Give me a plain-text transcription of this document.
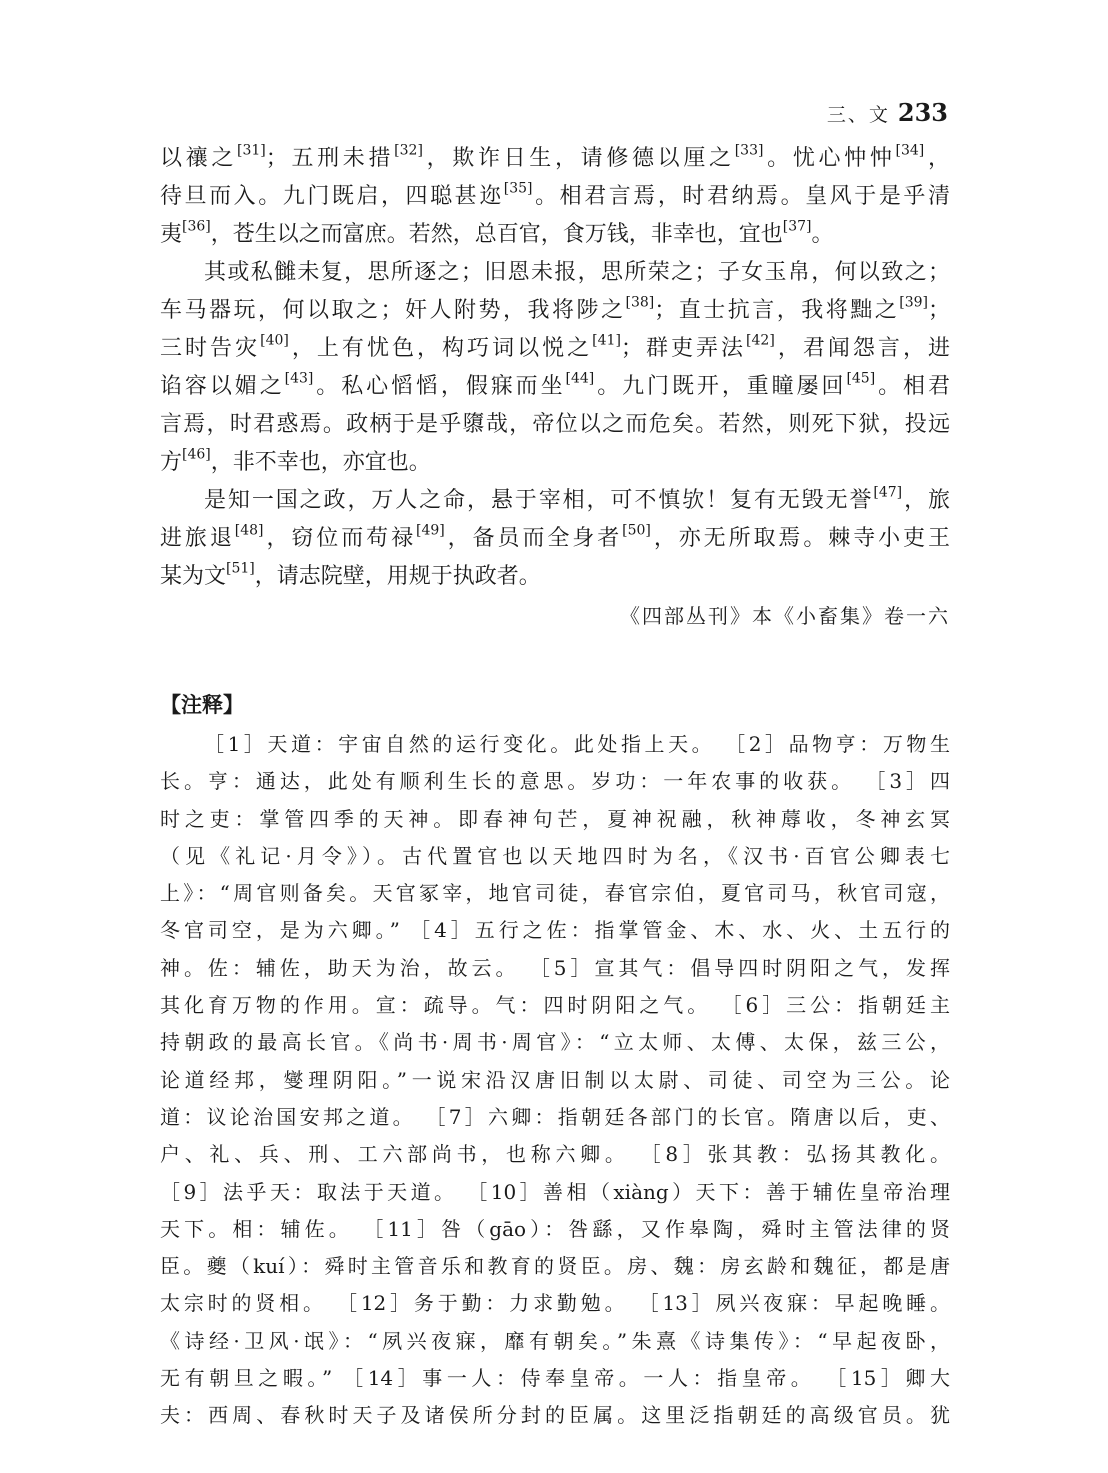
三、文 233
以禳之[31]；五刑未措[32]，欺诈日生，请修德以厘之[33]。忧心忡忡[34]，
待旦而入。九门既启，四聪甚迩[35]。相君言焉，时君纳焉。皇风于是乎清
夷[36]，苍生以之而富庶。若然，总百官，食万钱，非幸也，宜也[37]。
其或私雠未复，思所逐之；旧恩未报，思所荣之；子女玉帛，何以致之；
车马器玩，何以取之；奸人附势，我将陟之[38]；直士抗言，我将黜之[39]；
三时告灾[40]，上有忧色，构巧词以悦之[41]；群吏弄法[42]，君闻怨言，进
谄容以媚之[43]。私心慆慆，假寐而坐[44]。九门既开，重瞳屡回[45]。相君
言焉，时君惑焉。政柄于是乎隳哉，帝位以之而危矣。若然，则死下狱，投远
方[46]，非不幸也，亦宜也。
是知一国之政，万人之命，悬于宰相，可不慎欤！复有无毁无誉[47]，旅
进旅退[48]，窃位而苟禄[49]，备员而全身者[50]，亦无所取焉。棘寺小吏王
某为文[51]，请志院壁，用规于执政者。
《四部丛刊》本《小畜集》卷一六
【注释】
［1］天道：宇宙自然的运行变化。此处指上天。 ［2］品物亨：万物生
长。亨：通达，此处有顺利生长的意思。岁功：一年农事的收获。 ［3］四
时之吏：掌管四季的天神。即春神句芒，夏神祝融，秋神蓐收，冬神玄冥
（见《礼记·月令》）。古代置官也以天地四时为名，《汉书·百官公卿表七
上》：“周官则备矣。天官冢宰，地官司徒，春官宗伯，夏官司马，秋官司寇，
冬官司空，是为六卿。” ［4］五行之佐：指掌管金、木、水、火、土五行的
神。佐：辅佐，助天为治，故云。 ［5］宣其气：倡导四时阴阳之气，发挥
其化育万物的作用。宣：疏导。气：四时阴阳之气。 ［6］三公：指朝廷主
持朝政的最高长官。《尚书·周书·周官》：“立太师、太傅、太保，兹三公，
论道经邦，燮理阴阳。”一说宋沿汉唐旧制以太尉、司徒、司空为三公。论
道：议论治国安邦之道。 ［7］六卿：指朝廷各部门的长官。隋唐以后，吏、
户、礼、兵、刑、工六部尚书，也称六卿。 ［8］张其教：弘扬其教化。
［9］法乎天：取法于天道。 ［10］善相（xiàng）天下：善于辅佐皇帝治理
天下。相：辅佐。 ［11］咎（gāo）：咎繇，又作皋陶，舜时主管法律的贤
臣。夔（kuí）：舜时主管音乐和教育的贤臣。房、魏：房玄龄和魏征，都是唐
太宗时的贤相。 ［12］务于勤：力求勤勉。 ［13］夙兴夜寐：早起晚睡。
《诗经·卫风·氓》：“夙兴夜寐，靡有朝矣。”朱熹《诗集传》：“早起夜卧，
无有朝旦之暇。” ［14］事一人：侍奉皇帝。一人：指皇帝。 ［15］卿大
夫：西周、春秋时天子及诸侯所分封的臣属。这里泛指朝廷的高级官员。犹
